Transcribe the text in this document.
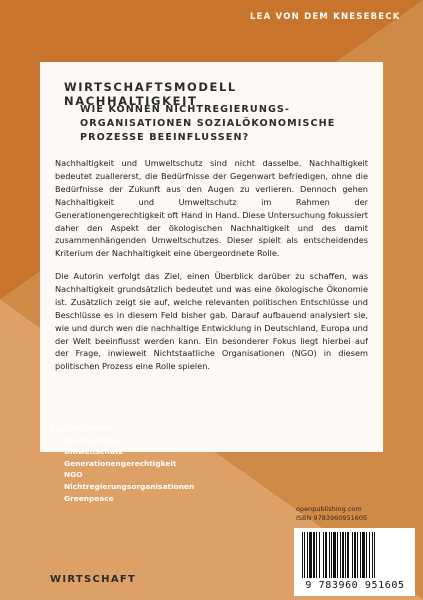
LEA VON DEM KNESEBECK
WIRTSCHAFTSMODELL NACHHALTIGKEIT
WIE KÖNNEN NICHTREGIERUNGS-ORGANISATIONEN SOZIALÖKONOMISCHE PROZESSE BEEINFLUSSEN?

Nachhaltigkeit und Umweltschutz sind nicht dasselbe. Nachhaltigkeit bedeutet zuallererst, die Bedürfnisse der Gegenwart befriedigen, ohne die Bedürfnisse der Zukunft aus den Augen zu verlieren. Dennoch gehen Nachhaltigkeit und Umweltschutz im Rahmen der Generationengerechtigkeit oft Hand in Hand. Diese Untersuchung fokussiert daher den Aspekt der ökologischen Nachhaltigkeit und des damit zusammenhängenden Umweltschutzes. Dieser spielt als entscheidendes Kriterium der Nachhaltigkeit eine übergeordnete Rolle.

Die Autorin verfolgt das Ziel, einen Überblick darüber zu schaffen, was Nachhaltigkeit grundsätzlich bedeutet und was eine ökologische Ökonomie ist. Zusätzlich zeigt sie auf, welche relevanten politischen Entschlüsse und Beschlüsse es in diesem Feld bisher gab. Darauf aufbauend analysiert sie, wie und durch wen die nachhaltige Entwicklung in Deutschland, Europa und der Welt beeinflusst werden kann. Ein besonderer Fokus liegt hierbei auf der Frage, inwieweit Nichtstaatliche Organisationen (NGO) in diesem politischen Prozess eine Rolle spielen.

Aus dem Inhalt:
Nachhaltigkeit
Umweltschutz
Generationengerechtigkeit
NGO
Nichtregierungsorganisationen
Greenpeace
openpublishing.com
ISBN 9783960951605
9 783960 951605
WIRTSCHAFT
